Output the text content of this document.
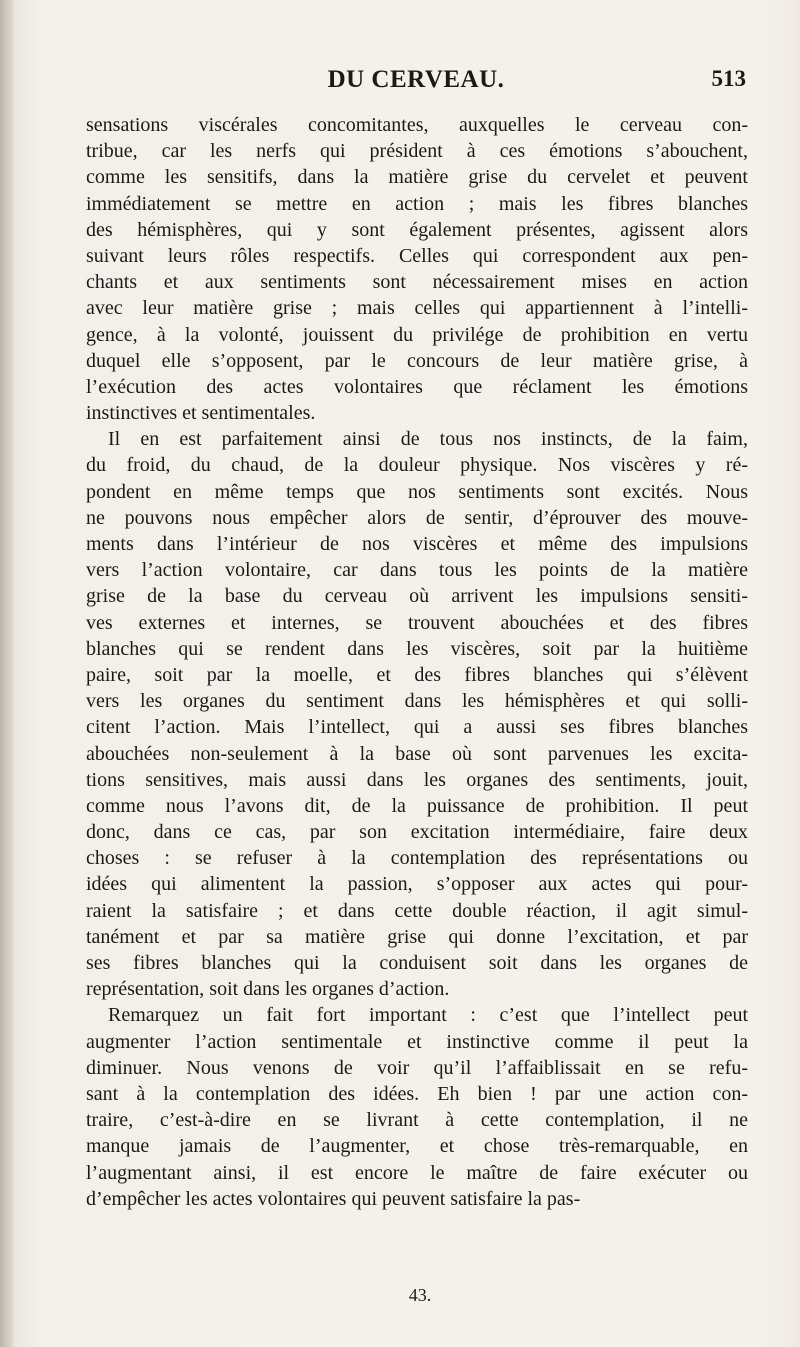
DU CERVEAU.	513
sensations viscérales concomitantes, auxquelles le cerveau con-
tribue, car les nerfs qui président à ces émotions s’abouchent,
comme les sensitifs, dans la matière grise du cervelet et peuvent
immédiatement se mettre en action ; mais les fibres blanches
des hémisphères, qui y sont également présentes, agissent alors
suivant leurs rôles respectifs. Celles qui correspondent aux pen-
chants et aux sentiments sont nécessairement mises en action
avec leur matière grise ; mais celles qui appartiennent à l’intelli-
gence, à la volonté, jouissent du privilége de prohibition en vertu
duquel elle s’opposent, par le concours de leur matière grise, à
l’exécution des actes volontaires que réclament les émotions
instinctives et sentimentales.
Il en est parfaitement ainsi de tous nos instincts, de la faim,
du froid, du chaud, de la douleur physique. Nos viscères y ré-
pondent en même temps que nos sentiments sont excités. Nous
ne pouvons nous empêcher alors de sentir, d’éprouver des mouve-
ments dans l’intérieur de nos viscères et même des impulsions
vers l’action volontaire, car dans tous les points de la matière
grise de la base du cerveau où arrivent les impulsions sensiti-
ves externes et internes, se trouvent abouchées et des fibres
blanches qui se rendent dans les viscères, soit par la huitième
paire, soit par la moelle, et des fibres blanches qui s’élèvent
vers les organes du sentiment dans les hémisphères et qui solli-
citent l’action. Mais l’intellect, qui a aussi ses fibres blanches
abouchées non-seulement à la base où sont parvenues les excita-
tions sensitives, mais aussi dans les organes des sentiments, jouit,
comme nous l’avons dit, de la puissance de prohibition. Il peut
donc, dans ce cas, par son excitation intermédiaire, faire deux
choses : se refuser à la contemplation des représentations ou
idées qui alimentent la passion, s’opposer aux actes qui pour-
raient la satisfaire ; et dans cette double réaction, il agit simul-
tanément et par sa matière grise qui donne l’excitation, et par
ses fibres blanches qui la conduisent soit dans les organes de
représentation, soit dans les organes d’action.
Remarquez un fait fort important : c’est que l’intellect peut
augmenter l’action sentimentale et instinctive comme il peut la
diminuer. Nous venons de voir qu’il l’affaiblissait en se refu-
sant à la contemplation des idées. Eh bien ! par une action con-
traire, c’est-à-dire en se livrant à cette contemplation, il ne
manque jamais de l’augmenter, et chose très-remarquable, en
l’augmentant ainsi, il est encore le maître de faire exécuter ou
d’empêcher les actes volontaires qui peuvent satisfaire la pas-
43.
